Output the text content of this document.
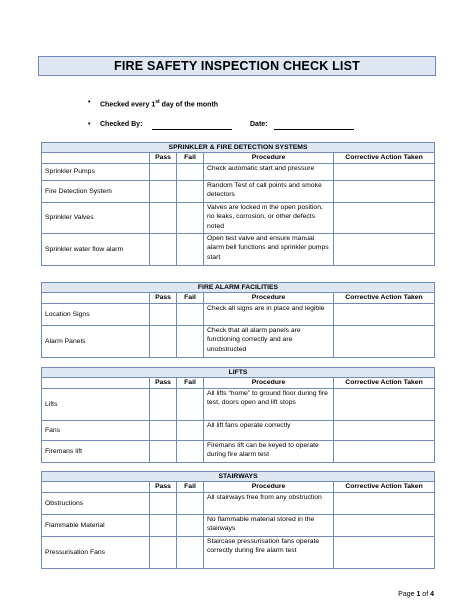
FIRE SAFETY INSPECTION CHECK LIST
• Checked every 1st day of the month
• Checked By:	Date:
SPRINKLER & FIRE DETECTION SYSTEMS				
	Pass	Fail	Procedure	Corrective Action Taken
Sprinkler Pumps			Check automatic start and pressure	
Fire Detection System			Random Test of call points and smoke detectors	
Sprinkler Valves			Valves are locked in the open position, no leaks, corrosion, or other defects noted	
Sprinkler water flow alarm			Open test valve and ensure manual alarm bell functions and sprinkler pumps start	
FIRE ALARM FACILITIES				
	Pass	Fail	Procedure	Corrective Action Taken
Location Signs			Check all signs are in place and legible	
Alarm Panels			Check that all alarm panels are functioning correctly and are unobstructed	
LIFTS				
	Pass	Fail	Procedure	Corrective Action Taken
Lifts			All lifts “home” to ground floor during fire test, doors open and lift stops	
Fans			All lift fans operate correctly	
Firemans lift			Firemans lift can be keyed to operate during fire alarm test	
STAIRWAYS				
	Pass	Fail	Procedure	Corrective Action Taken
Obstructions			All stairways free from any obstruction	
Flammable Material			No flammable material stored in the stairways	
Pressurisation Fans			Staircase pressurisation fans operate correctly during fire alarm test	
Page 1 of 4
